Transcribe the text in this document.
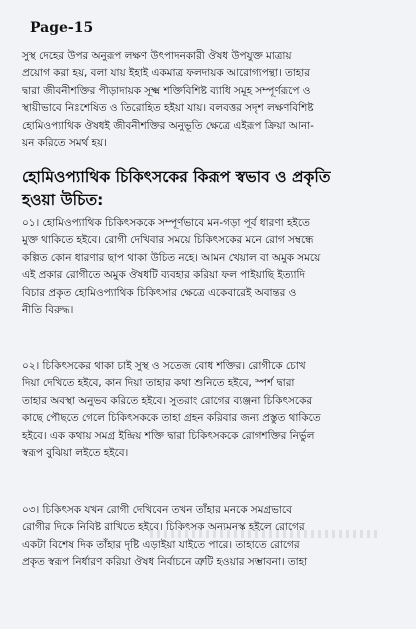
Page-15
সুস্থ দেহের উপর অনুরূপ লক্ষণ উৎপাদনকারী ঔষধ উপযুক্ত মাত্রায়
প্রয়োগ করা হয়, বলা যায় ইহাই একমাত্র ফলদায়ক আরোগ্যপন্থা। তাহার
দ্বারা জীবনীশক্তির পীড়াদায়ক সূক্ষ্ম শক্তিবিশিষ্ট ব্যাধি সমূহ সম্পূর্ণরূপে ও
স্থায়ীভাবে নিঃশেষিত ও তিরোহিত হইয়া যায়। বলবত্তর সদৃশ লক্ষণবিশিষ্ট
হোমিওপ্যাথিক ঔষধই জীবনীশক্তির অনুভূতি ক্ষেত্রে এইরূপ ক্রিয়া আনা-
য়ন করিতে সমর্থ হয়।
হোমিওপ্যাথিক চিকিৎসকের কিরূপ স্বভাব ও প্রকৃতি
হওয়া উচিত:
০১। হোমিওপ্যাথিক চিকিৎসককে সম্পূর্ণভাবে মন-গড়া পূর্ব ধারণা হইতে
মুক্ত থাকিতে হইবে। রোগী দেখিবার সময়ে চিকিৎসকের মনে রোগ সম্বন্ধে
কল্পিত কোন ধারণার ছাপ থাকা উচিত নহে। আমন খেয়াল বা অমুক সময়ে
এই প্রকার রোগীতে অমুক ঔষধটি ব্যবহার করিয়া ফল পাইয়াছি ইত্যাদি
বিচার প্রকৃত হোমিওপ্যাথিক চিকিৎসার ক্ষেত্রে একেবারেই অবান্তর ও
নীতি বিরুদ্ধ।
০২। চিকিৎসকের থাকা চাই সুস্থ ও সতেজ বোধ শক্তির। রোগীকে চোখ
দিয়া দেখিতে হইবে, কান দিয়া তাহার কথা শুনিতে হইবে, স্পর্শ দ্বারা
তাহার অবস্থা অনুভব করিতে হইবে। সুতরাং রোগের ব্যঞ্জনা চিকিৎসকের
কাছে পৌছতে গেলে চিকিৎসককে তাহা গ্রহন করিবার জন্য প্রস্তুত থাকিতে
হইবে। এক কথায় সমগ্র ইন্দ্রিয় শক্তি দ্বারা চিকিৎসককে রোগশক্তির নির্ভুল
স্বরূপ বুঝিয়া লইতে হইবে।
০৩। চিকিৎসক যখন রোগী দেখিবেন তখন তাঁহার মনকে সমগ্রভাবে
রোগীর দিকে নিবিষ্ট রাখিতে হইবে। চিকিৎসক অন্যমনস্ক হইলে রোগের
একটা বিশেষ দিক তাঁহার দৃষ্টি এড়াইয়া যাইতে পারে। তাহাতে রোগের
প্রকৃত স্বরূপ নির্ধারণ করিয়া ঔষধ নির্বাচনে ত্রুটি হওয়ার সম্ভাবনা। তাহা
